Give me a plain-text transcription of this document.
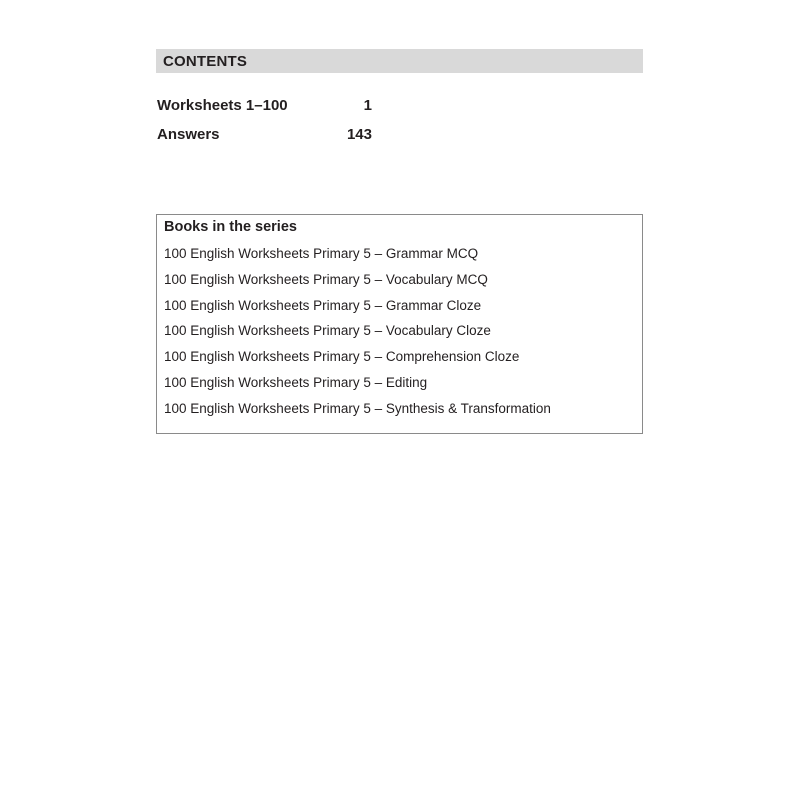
CONTENTS
Worksheets 1–100	1
Answers	143
Books in the series
100 English Worksheets Primary 5 – Grammar MCQ
100 English Worksheets Primary 5 – Vocabulary MCQ
100 English Worksheets Primary 5 – Grammar Cloze
100 English Worksheets Primary 5 – Vocabulary Cloze
100 English Worksheets Primary 5 – Comprehension Cloze
100 English Worksheets Primary 5 – Editing
100 English Worksheets Primary 5 – Synthesis & Transformation
